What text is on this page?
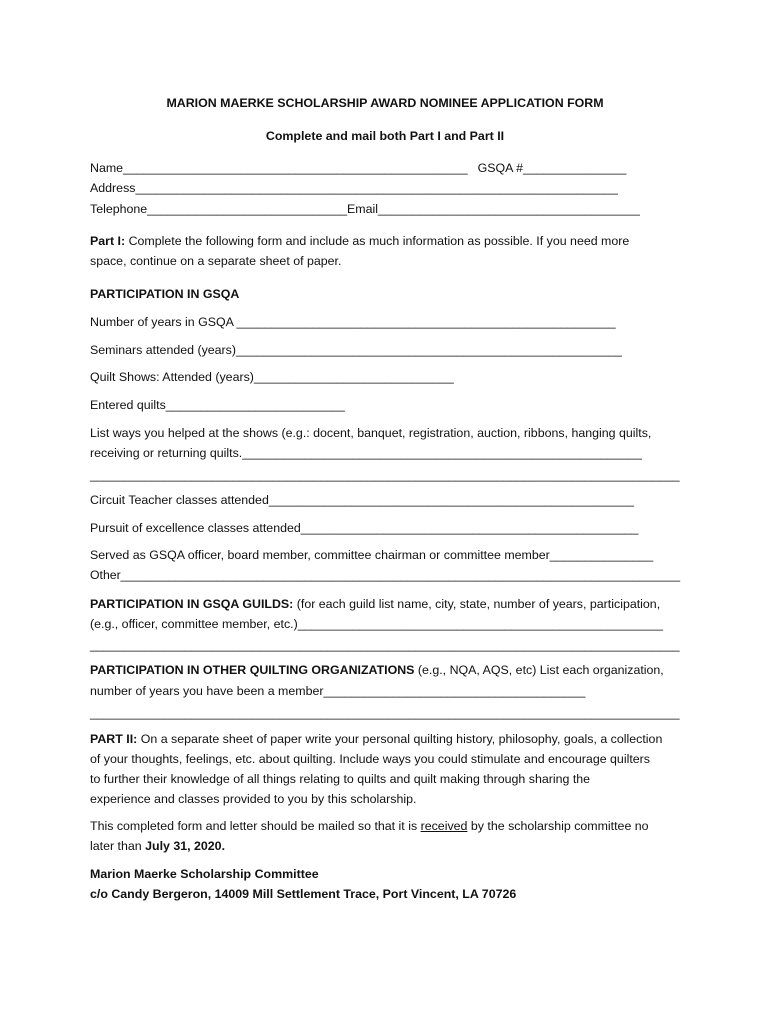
MARION MAERKE SCHOLARSHIP AWARD NOMINEE APPLICATION FORM
Complete and mail both Part I and Part II
Name__________________________________________________ GSQA #_______________
Address______________________________________________________________________
Telephone_____________________________Email______________________________________
Part I: Complete the following form and include as much information as possible. If you need more
space, continue on a separate sheet of paper.
PARTICIPATION IN GSQA
Number of years in GSQA _______________________________________________________
Seminars attended (years)________________________________________________________
Quilt Shows: Attended (years)_____________________________
Entered quilts__________________________
List ways you helped at the shows (e.g.: docent, banquet, registration, auction, ribbons, hanging quilts,
receiving or returning quilts.__________________________________________________________
_______________________________________________________________________________________
Circuit Teacher classes attended_____________________________________________________
Pursuit of excellence classes attended_________________________________________________
Served as GSQA officer, board member, committee chairman or committee member_______________
Other__________________________________________________________________________________
PARTICIPATION IN GSQA GUILDS: (for each guild list name, city, state, number of years, participation,
(e.g., officer, committee member, etc.)_____________________________________________________
_______________________________________________________________________________________
PARTICIPATION IN OTHER QUILTING ORGANIZATIONS (e.g., NQA, AQS, etc) List each organization,
number of years you have been a member______________________________________
_______________________________________________________________________________________
PART II: On a separate sheet of paper write your personal quilting history, philosophy, goals, a collection
of your thoughts, feelings, etc. about quilting. Include ways you could stimulate and encourage quilters
to further their knowledge of all things relating to quilts and quilt making through sharing the
experience and classes provided to you by this scholarship.
This completed form and letter should be mailed so that it is received by the scholarship committee no
later than July 31, 2020.
Marion Maerke Scholarship Committee
c/o Candy Bergeron, 14009 Mill Settlement Trace, Port Vincent, LA 70726
